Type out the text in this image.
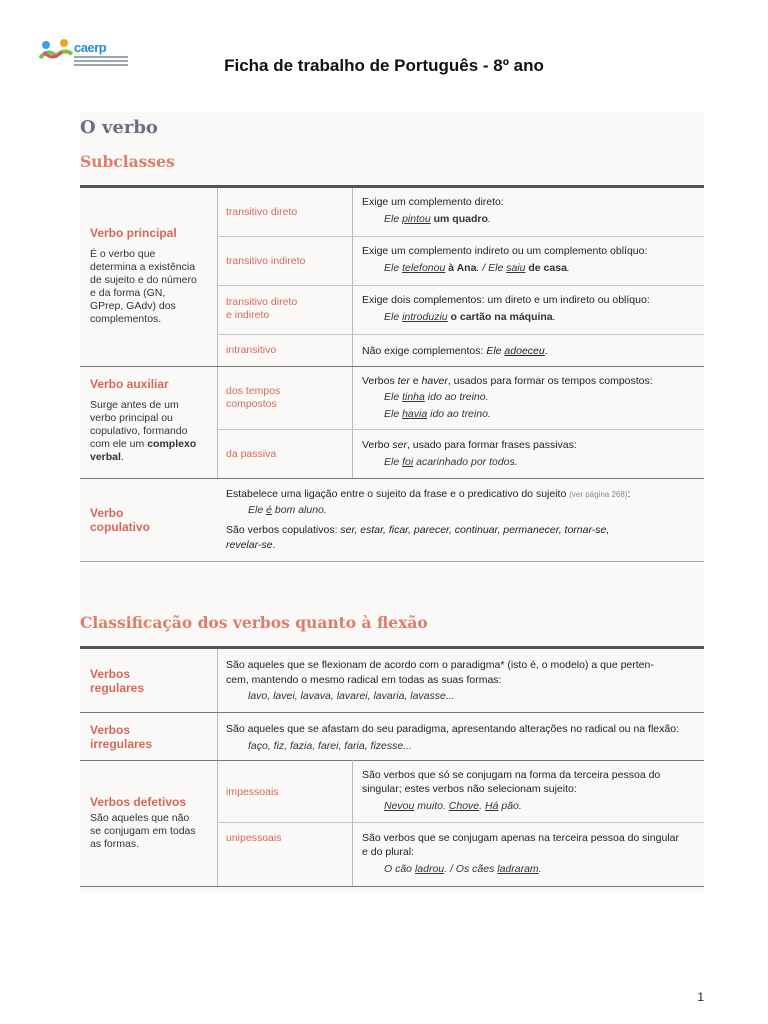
caerp
Ficha de trabalho de Português - 8º ano
O verbo
Subclasses
Verbo principal
É o verbo que
determina a existência
de sujeito e do número
e da forma (GN,
GPrep, GAdv) dos
complementos.
transitivo direto
Exige um complemento direto:
Ele pintou um quadro.
transitivo indireto
Exige um complemento indireto ou um complemento oblíquo:
Ele telefonou à Ana. / Ele saiu de casa.
transitivo direto
e indireto
Exige dois complementos: um direto e um indireto ou oblíquo:
Ele introduziu o cartão na máquina.
intransitivo	Não exige complementos: Ele adoeceu.
Verbo auxiliar
Surge antes de um
verbo principal ou
copulativo, formando
com ele um complexo
verbal.
dos tempos
compostos
Verbos ter e haver, usados para formar os tempos compostos:
Ele tinha ido ao treino.
Ele havia ido ao treino.
da passiva
Verbo ser, usado para formar frases passivas:
Ele foi acarinhado por todos.
Verbo
copulativo
Estabelece uma ligação entre o sujeito da frase e o predicativo do sujeito (ver página 268):
Ele é bom aluno.
São verbos copulativos: ser, estar, ficar, parecer, continuar, permanecer, tornar-se,
revelar-se.
Classificação dos verbos quanto à flexão
Verbos
regulares
São aqueles que se flexionam de acordo com o paradigma* (isto é, o modelo) a que perten-
cem, mantendo o mesmo radical em todas as suas formas:
lavo, lavei, lavava, lavarei, lavaria, lavasse...
Verbos
irregulares
São aqueles que se afastam do seu paradigma, apresentando alterações no radical ou na flexão:
faço, fiz, fazia, farei, faria, fizesse...
Verbos defetivos
São aqueles que não
se conjugam em todas
as formas.
impessoais
São verbos que só se conjugam na forma da terceira pessoa do
singular; estes verbos não selecionam sujeito:
Nevou muito. Chove. Há pão.
unipessoais	São verbos que se conjugam apenas na terceira pessoa do singular
e do plural:
O cão ladrou. / Os cães ladraram.
1
